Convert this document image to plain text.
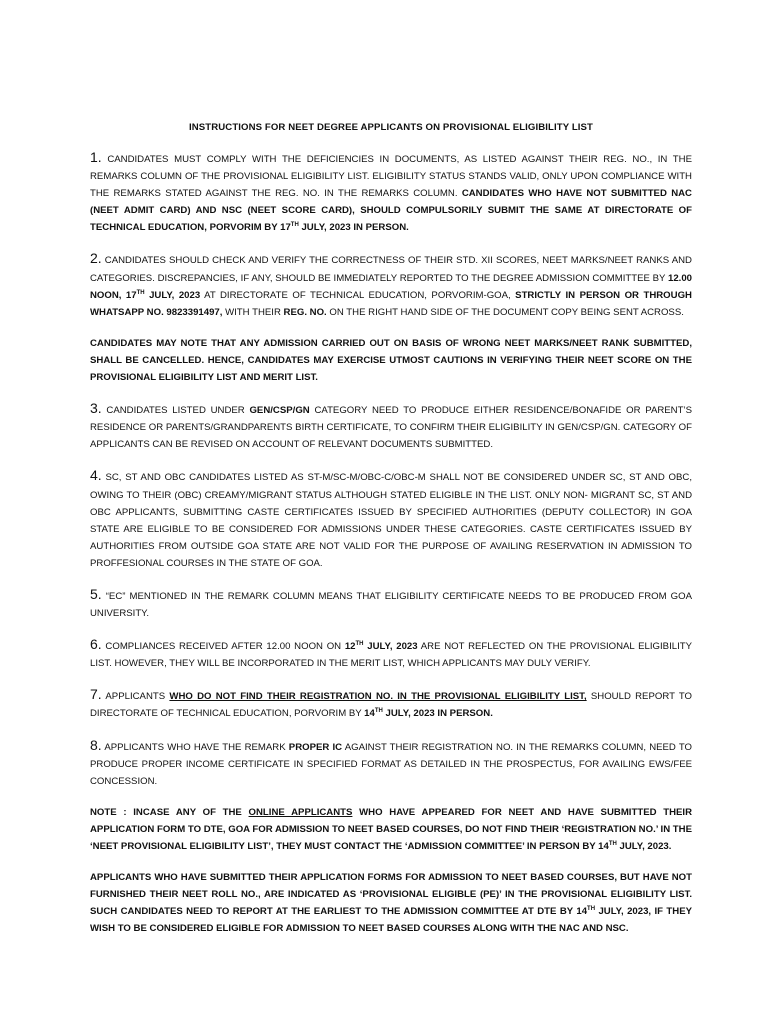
INSTRUCTIONS FOR NEET DEGREE APPLICANTS ON PROVISIONAL ELIGIBILITY LIST

1. CANDIDATES MUST COMPLY WITH THE DEFICIENCIES IN DOCUMENTS, AS LISTED AGAINST THEIR REG. NO., IN THE REMARKS COLUMN OF THE PROVISIONAL ELIGIBILITY LIST. ELIGIBILITY STATUS STANDS VALID, ONLY UPON COMPLIANCE WITH THE REMARKS STATED AGAINST THE REG. NO. IN THE REMARKS COLUMN. CANDIDATES WHO HAVE NOT SUBMITTED NAC (NEET ADMIT CARD) AND NSC (NEET SCORE CARD), SHOULD COMPULSORILY SUBMIT THE SAME AT DIRECTORATE OF TECHNICAL EDUCATION, PORVORIM BY 17TH JULY, 2023 IN PERSON.

2. CANDIDATES SHOULD CHECK AND VERIFY THE CORRECTNESS OF THEIR STD. XII SCORES, NEET MARKS/NEET RANKS AND CATEGORIES. DISCREPANCIES, IF ANY, SHOULD BE IMMEDIATELY REPORTED TO THE DEGREE ADMISSION COMMITTEE BY 12.00 NOON, 17TH JULY, 2023 AT DIRECTORATE OF TECHNICAL EDUCATION, PORVORIM-GOA, STRICTLY IN PERSON OR THROUGH WHATSAPP NO. 9823391497, WITH THEIR REG. NO. ON THE RIGHT HAND SIDE OF THE DOCUMENT COPY BEING SENT ACROSS.

CANDIDATES MAY NOTE THAT ANY ADMISSION CARRIED OUT ON BASIS OF WRONG NEET MARKS/NEET RANK SUBMITTED, SHALL BE CANCELLED. HENCE, CANDIDATES MAY EXERCISE UTMOST CAUTIONS IN VERIFYING THEIR NEET SCORE ON THE PROVISIONAL ELIGIBILITY LIST AND MERIT LIST.

3. CANDIDATES LISTED UNDER GEN/CSP/GN CATEGORY NEED TO PRODUCE EITHER RESIDENCE/BONAFIDE OR PARENT’S RESIDENCE OR PARENTS/GRANDPARENTS BIRTH CERTIFICATE, TO CONFIRM THEIR ELIGIBILITY IN GEN/CSP/GN. CATEGORY OF APPLICANTS CAN BE REVISED ON ACCOUNT OF RELEVANT DOCUMENTS SUBMITTED.

4. SC, ST AND OBC CANDIDATES LISTED AS ST-M/SC-M/OBC-C/OBC-M SHALL NOT BE CONSIDERED UNDER SC, ST AND OBC, OWING TO THEIR (OBC) CREAMY/MIGRANT STATUS ALTHOUGH STATED ELIGIBLE IN THE LIST. ONLY NON- MIGRANT SC, ST AND OBC APPLICANTS, SUBMITTING CASTE CERTIFICATES ISSUED BY SPECIFIED AUTHORITIES (DEPUTY COLLECTOR) IN GOA STATE ARE ELIGIBLE TO BE CONSIDERED FOR ADMISSIONS UNDER THESE CATEGORIES. CASTE CERTIFICATES ISSUED BY AUTHORITIES FROM OUTSIDE GOA STATE ARE NOT VALID FOR THE PURPOSE OF AVAILING RESERVATION IN ADMISSION TO PROFFESIONAL COURSES IN THE STATE OF GOA.

5. “EC” MENTIONED IN THE REMARK COLUMN MEANS THAT ELIGIBILITY CERTIFICATE NEEDS TO BE PRODUCED FROM GOA UNIVERSITY.

6. COMPLIANCES RECEIVED AFTER 12.00 NOON ON 12TH JULY, 2023 ARE NOT REFLECTED ON THE PROVISIONAL ELIGIBILITY LIST. HOWEVER, THEY WILL BE INCORPORATED IN THE MERIT LIST, WHICH APPLICANTS MAY DULY VERIFY.

7. APPLICANTS WHO DO NOT FIND THEIR REGISTRATION NO. IN THE PROVISIONAL ELIGIBILITY LIST, SHOULD REPORT TO DIRECTORATE OF TECHNICAL EDUCATION, PORVORIM BY 14TH JULY, 2023 IN PERSON.

8. APPLICANTS WHO HAVE THE REMARK PROPER IC AGAINST THEIR REGISTRATION NO. IN THE REMARKS COLUMN, NEED TO PRODUCE PROPER INCOME CERTIFICATE IN SPECIFIED FORMAT AS DETAILED IN THE PROSPECTUS, FOR AVAILING EWS/FEE CONCESSION.

NOTE : INCASE ANY OF THE ONLINE APPLICANTS WHO HAVE APPEARED FOR NEET AND HAVE SUBMITTED THEIR APPLICATION FORM TO DTE, GOA FOR ADMISSION TO NEET BASED COURSES, DO NOT FIND THEIR ‘REGISTRATION NO.’ IN THE ‘NEET PROVISIONAL ELIGIBILITY LIST’, THEY MUST CONTACT THE ‘ADMISSION COMMITTEE’ IN PERSON BY 14TH JULY, 2023.

APPLICANTS WHO HAVE SUBMITTED THEIR APPLICATION FORMS FOR ADMISSION TO NEET BASED COURSES, BUT HAVE NOT FURNISHED THEIR NEET ROLL NO., ARE INDICATED AS ‘PROVISIONAL ELIGIBLE (PE)’ IN THE PROVISIONAL ELIGIBILITY LIST. SUCH CANDIDATES NEED TO REPORT AT THE EARLIEST TO THE ADMISSION COMMITTEE AT DTE BY 14TH JULY, 2023, IF THEY WISH TO BE CONSIDERED ELIGIBLE FOR ADMISSION TO NEET BASED COURSES ALONG WITH THE NAC AND NSC.
